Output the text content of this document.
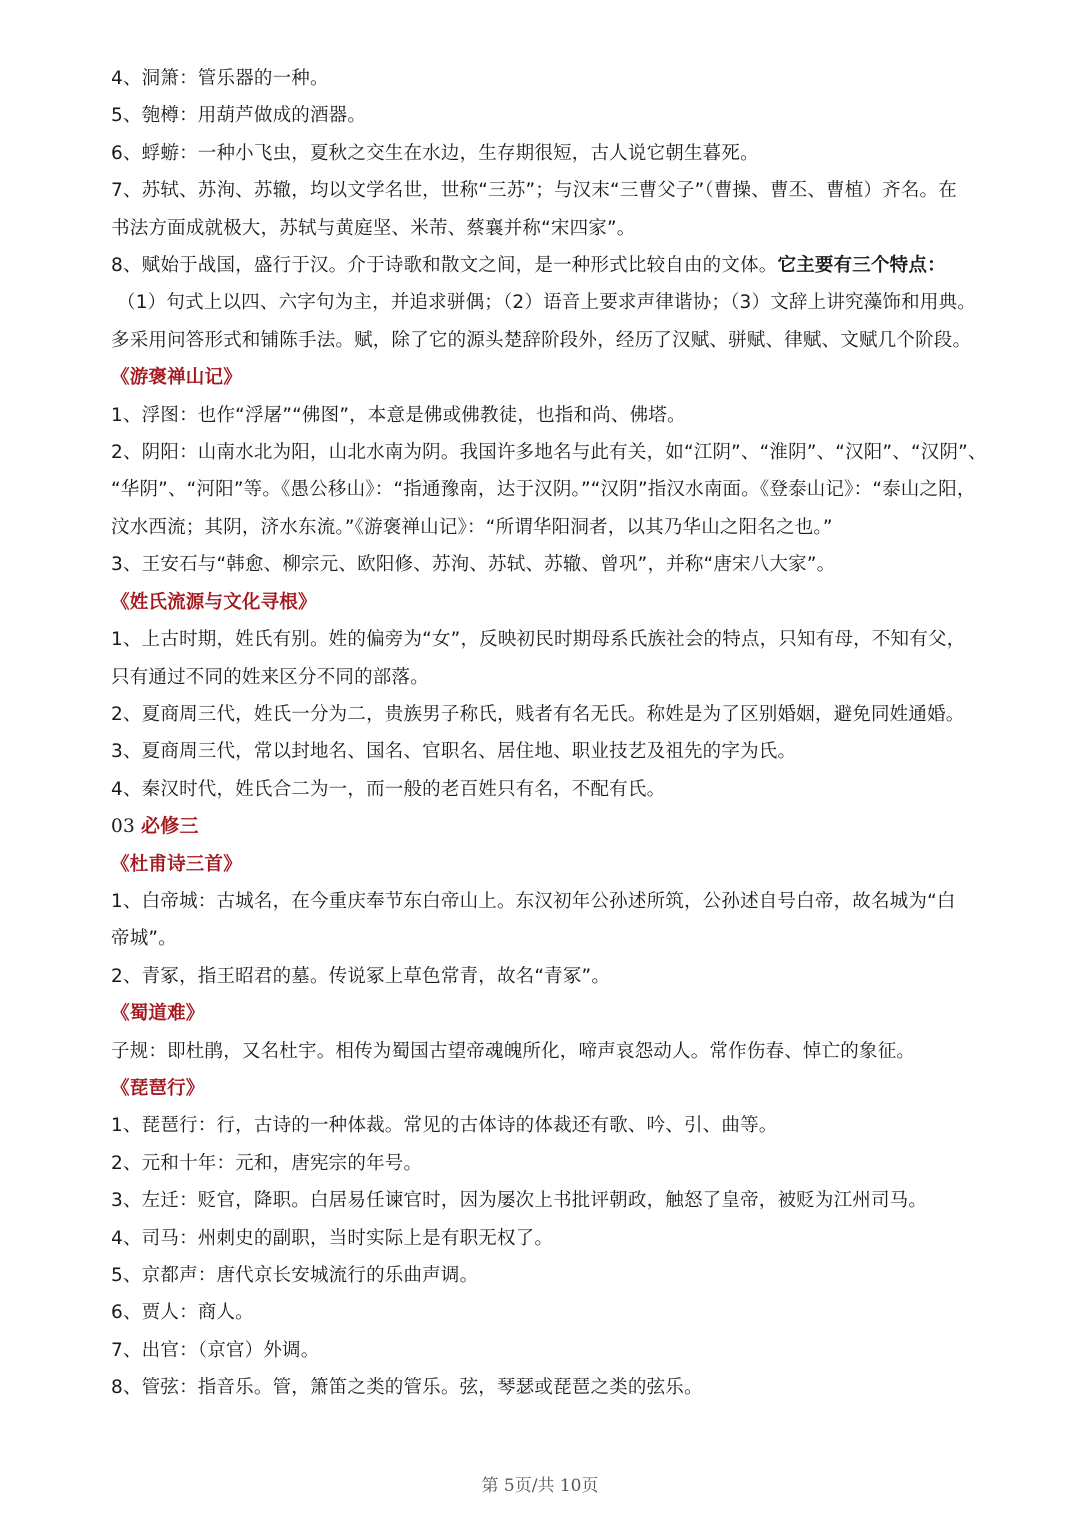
4、洞箫：管乐器的一种。
5、匏樽：用葫芦做成的酒器。
6、蜉蝣：一种小飞虫，夏秋之交生在水边，生存期很短，古人说它朝生暮死。
7、苏轼、苏洵、苏辙，均以文学名世，世称“三苏”；与汉末“三曹父子”（曹操、曹丕、曹植）齐名。在
书法方面成就极大，苏轼与黄庭坚、米芾、蔡襄并称“宋四家”。
8、赋始于战国，盛行于汉。介于诗歌和散文之间，是一种形式比较自由的文体。它主要有三个特点：
（1）句式上以四、六字句为主，并追求骈偶；（2）语音上要求声律谐协；（3）文辞上讲究藻饰和用典。
多采用问答形式和铺陈手法。赋，除了它的源头楚辞阶段外，经历了汉赋、骈赋、律赋、文赋几个阶段。
《游褒禅山记》
1、浮图：也作“浮屠”“佛图”，本意是佛或佛教徒，也指和尚、佛塔。
2、阴阳：山南水北为阳，山北水南为阴。我国许多地名与此有关，如“江阴”、“淮阴”、“汉阳”、“汉阴”、
“华阴”、“河阳”等。《愚公移山》：“指通豫南，达于汉阴。”“汉阴”指汉水南面。《登泰山记》：“泰山之阳，
汶水西流；其阴，济水东流。”《游褒禅山记》：“所谓华阳洞者，以其乃华山之阳名之也。”
3、王安石与“韩愈、柳宗元、欧阳修、苏洵、苏轼、苏辙、曾巩”，并称“唐宋八大家”。
《姓氏流源与文化寻根》
1、上古时期，姓氏有别。姓的偏旁为“女”，反映初民时期母系氏族社会的特点，只知有母，不知有父，
只有通过不同的姓来区分不同的部落。
2、夏商周三代，姓氏一分为二，贵族男子称氏，贱者有名无氏。称姓是为了区别婚姻，避免同姓通婚。
3、夏商周三代，常以封地名、国名、官职名、居住地、职业技艺及祖先的字为氏。
4、秦汉时代，姓氏合二为一，而一般的老百姓只有名，不配有氏。
03 必修三
《杜甫诗三首》
1、白帝城：古城名，在今重庆奉节东白帝山上。东汉初年公孙述所筑，公孙述自号白帝，故名城为“白
帝城”。
2、青冢，指王昭君的墓。传说冢上草色常青，故名“青冢”。
《蜀道难》
子规：即杜鹃，又名杜宇。相传为蜀国古望帝魂魄所化，啼声哀怨动人。常作伤春、悼亡的象征。
《琵琶行》
1、琵琶行：行，古诗的一种体裁。常见的古体诗的体裁还有歌、吟、引、曲等。
2、元和十年：元和，唐宪宗的年号。
3、左迁：贬官，降职。白居易任谏官时，因为屡次上书批评朝政，触怒了皇帝，被贬为江州司马。
4、司马：州刺史的副职，当时实际上是有职无权了。
5、京都声：唐代京长安城流行的乐曲声调。
6、贾人：商人。
7、出官：（京官）外调。
8、管弦：指音乐。管，箫笛之类的管乐。弦，琴瑟或琵琶之类的弦乐。
第 5页/共 10页
